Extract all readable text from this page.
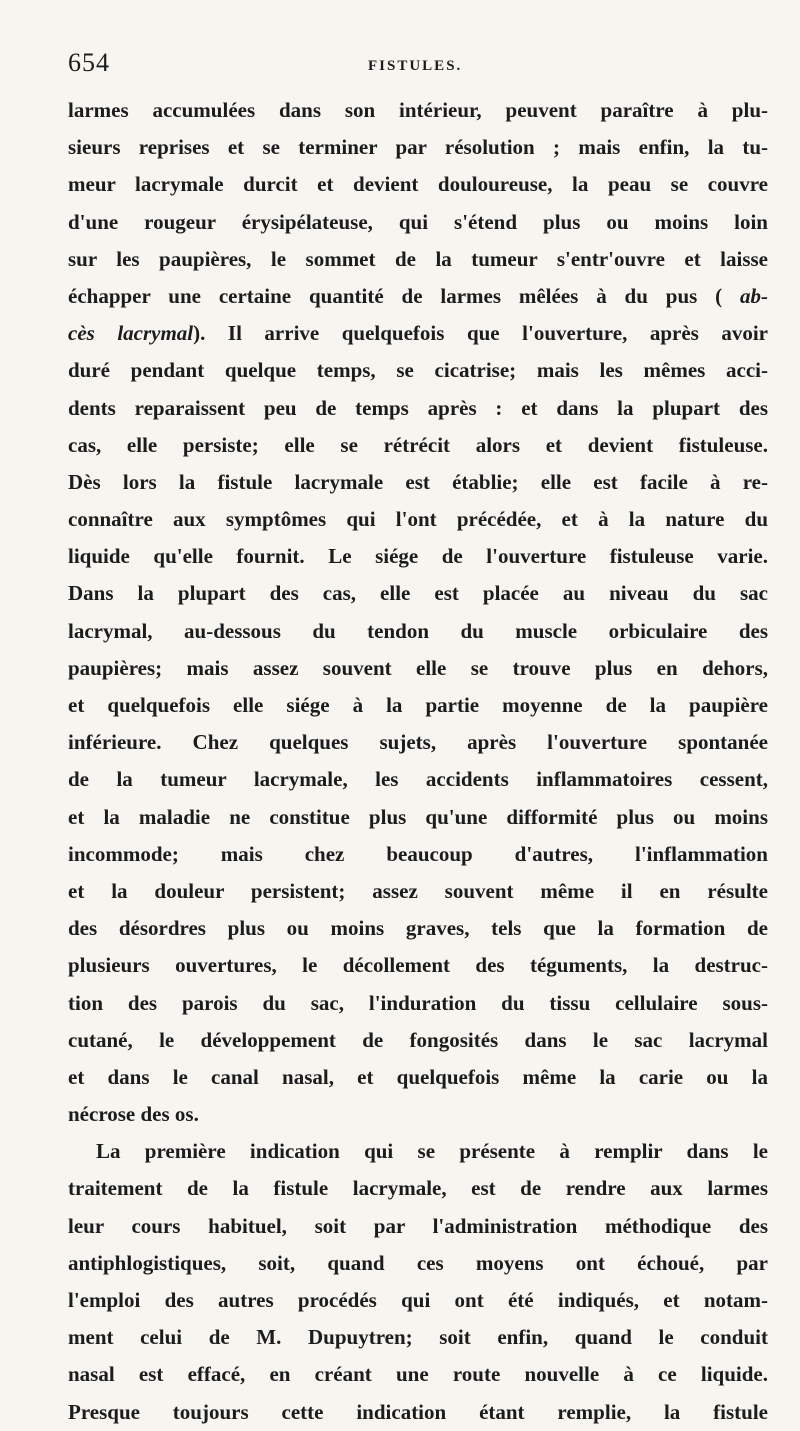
654	FISTULES.
larmes accumulées dans son intérieur, peuvent paraître à plu-
sieurs reprises et se terminer par résolution ; mais enfin, la tu-
meur lacrymale durcit et devient douloureuse, la peau se couvre
d'une rougeur érysipélateuse, qui s'étend plus ou moins loin
sur les paupières, le sommet de la tumeur s'entr'ouvre et laisse
échapper une certaine quantité de larmes mêlées à du pus ( ab-
cès lacrymal). Il arrive quelquefois que l'ouverture, après avoir
duré pendant quelque temps, se cicatrise; mais les mêmes acci-
dents reparaissent peu de temps après : et dans la plupart des
cas, elle persiste; elle se rétrécit alors et devient fistuleuse.
Dès lors la fistule lacrymale est établie; elle est facile à re-
connaître aux symptômes qui l'ont précédée, et à la nature du
liquide qu'elle fournit. Le siége de l'ouverture fistuleuse varie.
Dans la plupart des cas, elle est placée au niveau du sac
lacrymal, au-dessous du tendon du muscle orbiculaire des
paupières; mais assez souvent elle se trouve plus en dehors,
et quelquefois elle siége à la partie moyenne de la paupière
inférieure. Chez quelques sujets, après l'ouverture spontanée
de la tumeur lacrymale, les accidents inflammatoires cessent,
et la maladie ne constitue plus qu'une difformité plus ou moins
incommode; mais chez beaucoup d'autres, l'inflammation
et la douleur persistent; assez souvent même il en résulte
des désordres plus ou moins graves, tels que la formation de
plusieurs ouvertures, le décollement des téguments, la destruc-
tion des parois du sac, l'induration du tissu cellulaire sous-
cutané, le développement de fongosités dans le sac lacrymal
et dans le canal nasal, et quelquefois même la carie ou la
nécrose des os.
La première indication qui se présente à remplir dans le
traitement de la fistule lacrymale, est de rendre aux larmes
leur cours habituel, soit par l'administration méthodique des
antiphlogistiques, soit, quand ces moyens ont échoué, par
l'emploi des autres procédés qui ont été indiqués, et notam-
ment celui de M. Dupuytren; soit enfin, quand le conduit
nasal est effacé, en créant une route nouvelle à ce liquide.
Presque toujours cette indication étant remplie, la fistule
